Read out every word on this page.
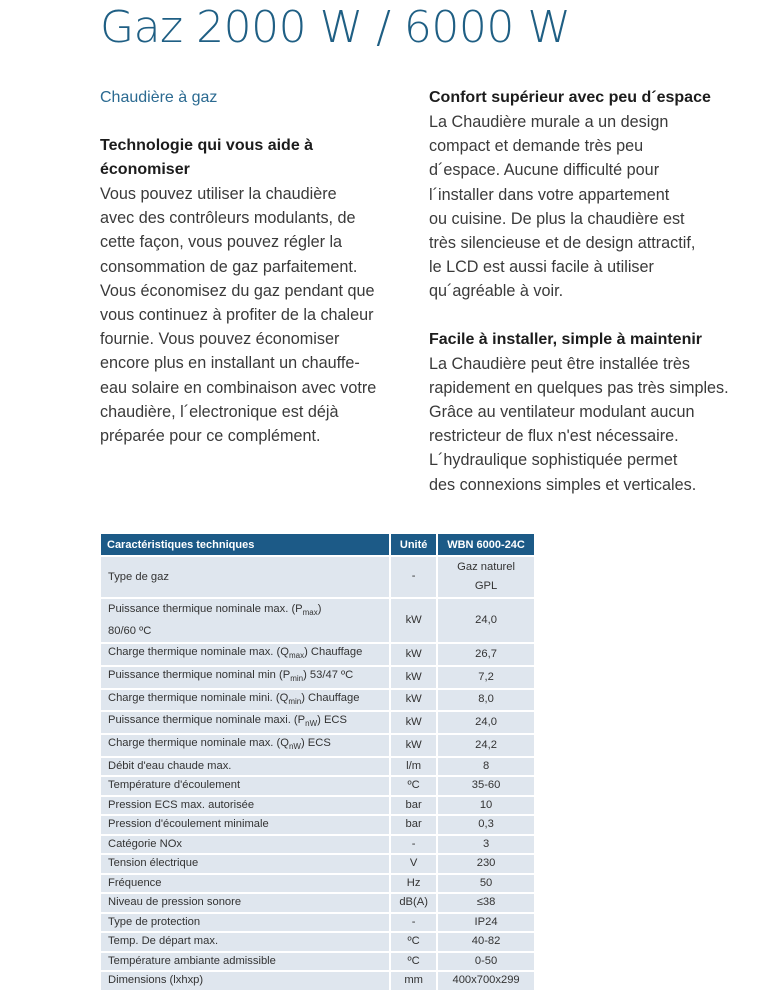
Gaz 2000 W / 6000 W

Chaudière à gaz

Technologie qui vous aide à
économiser

Vous pouvez utiliser la chaudière
avec des contrôleurs modulants, de
cette façon, vous pouvez régler la
consommation de gaz parfaitement.
Vous économisez du gaz pendant que
vous continuez à profiter de la chaleur
fournie. Vous pouvez économiser
encore plus en installant un chauffe-
eau solaire en combinaison avec votre
chaudière, l´electronique est déjà
préparée pour ce complément.

Confort supérieur avec peu d´espace

La Chaudière murale a un design
compact et demande très peu
d´espace. Aucune difficulté pour
l´installer dans votre appartement
ou cuisine. De plus la chaudière est
très silencieuse et de design attractif,
le LCD est aussi facile à utiliser
qu´agréable à voir.

Facile à installer, simple à maintenir

La Chaudière peut être installée très
rapidement en quelques pas très simples.
Grâce au ventilateur modulant aucun
restricteur de flux n'est nécessaire.
L´hydraulique sophistiquée permet
des connexions simples et verticales.

Caractéristiques techniques	Unité	WBN 6000-24C
Type de gaz	-	Gaz naturel
GPL
Puissance thermique nominale max. $(P_{max})$
80/60 ºC	kW	24,0
Charge thermique nominale max. $(Q_{max})$ Chauffage	kW	26,7
Puissance thermique nominal $\min (P_{min})$ 53/47 ºC	kW	7,2
Charge thermique nominale mini. $(Q_{min})$ Chauffage	kW	8,0
Puissance thermique nominale maxi. $(P_{nW})$ ECS	kW	24,0
Charge thermique nominale max. $(Q_{nW})$ ECS	kW	24,2
Débit d'eau chaude max.	l/m	8
Température d'écoulement	ºC	35-60
Pression ECS max. autorisée	bar	10
Pression d'écoulement minimale	bar	0,3
Catégorie NOx	-	3
Tension électrique	V	230
Fréquence	Hz	50
Niveau de pression sonore	dB(A)	≤38
Type de protection	-	IP24
Temp. De départ max.	ºC	40-82
Température ambiante admissible	ºC	0-50
Dimensions (lxhxp)	mm	400x700x299
